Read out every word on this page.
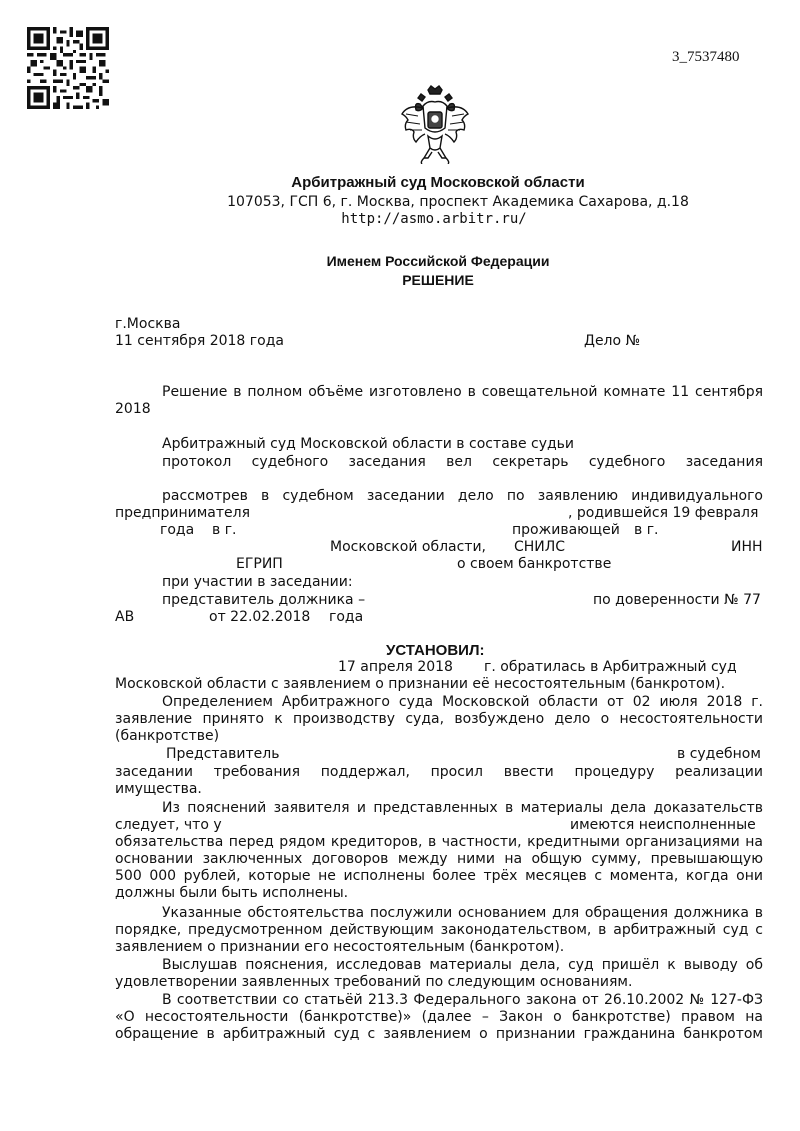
3_7537480
Арбитражный суд Московской области
107053, ГСП 6, г. Москва, проспект Академика Сахарова, д.18
http://asmo.arbitr.ru/
Именем Российской Федерации
РЕШЕНИЕ
г.Москва
11 сентября 2018 года	Дело №
Решение в полном объёме изготовлено в совещательной комнате 11 сентября
2018
Арбитражный суд Московской области в составе судьи
протокол судебного заседания вел секретарь судебного заседания
рассмотрев в судебном заседании дело по заявлению индивидуального
предпринимателя	, родившейся 19 февраля
года в г.	проживающей в г.
Московской области, СНИЛС	ИНН
ЕГРИП	о своем банкротстве
при участии в заседании:
представитель должника –	по доверенности № 77
АВ	от 22.02.2018 года
УСТАНОВИЛ:
17 апреля 2018 г. обратилась в Арбитражный суд
Московской области с заявлением о признании её несостоятельным (банкротом).
Определением Арбитражного суда Московской области от 02 июля 2018 г.
заявление принято к производству суда, возбуждено дело о несостоятельности
(банкротстве)
Представитель	в судебном
заседании требования поддержал, просил ввести процедуру реализации
имущества.
Из пояснений заявителя и представленных в материалы дела доказательств
следует, что у	имеются неисполненные
обязательства перед рядом кредиторов, в частности, кредитными организациями на
основании заключенных договоров между ними на общую сумму, превышающую
500 000 рублей, которые не исполнены более трёх месяцев с момента, когда они
должны были быть исполнены.
Указанные обстоятельства послужили основанием для обращения должника в
порядке, предусмотренном действующим законодательством, в арбитражный суд с
заявлением о признании его несостоятельным (банкротом).
Выслушав пояснения, исследовав материалы дела, суд пришёл к выводу об
удовлетворении заявленных требований по следующим основаниям.
В соответствии со статьёй 213.3 Федерального закона от 26.10.2002 № 127-ФЗ
«О несостоятельности (банкротстве)» (далее – Закон о банкротстве) правом на
обращение в арбитражный суд с заявлением о признании гражданина банкротом
